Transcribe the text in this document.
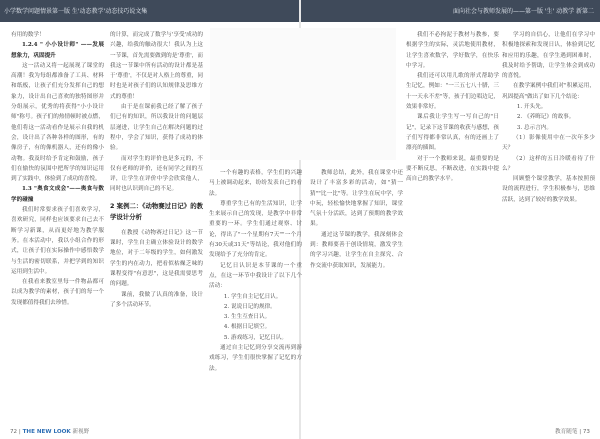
小学数学问题情景第一版 生'动态教学'动态技巧说文集	面向社会与教师发展的——第一版 '生' 动教学 新第二

有用的数学！

1.2.4 " 小小设计师" ——发展想象力，巩固提升

这一活动又将一起展现了课堂的高潮！我为每组都准备了工具、材料和纸板，让孩子们充分发挥自己的想象力，设计出自己喜欢的独特图形并分组展示，优秀的将获得"小小设计师"称号。孩子们的热情顿时被点燃，他们将这一活动看作是展示自我的机会，设计出了各种各样的图形，有的像房子，有的像机器人，还有的像小动物。我及时给予肯定和鼓励，孩子们在愉快的氛围中把所学的知识运用到了实践中，体验到了成功的喜悦。

1.3 "奥食文成会"——奥食与数学的碰撞

我们时常要求孩子们喜欢学习，喜欢研究，同样也应该要求自己去不断学习新课，从而更好地为教学服务。在本活动中，我以小组合作的形式，让孩子们在实际操作中感悟数学与生活的密切联系，并把学到的知识运用到生活中。

在我看来教室里每一件物品都可以成为教学的素材，孩子们的每一个发现都值得我们去珍惜。

的计算，而完成了数学与'享受'成功的兴趣，给我的触动很大！我认为上这一节课，首先需要做到的是'尊重'，而我这一节课中所有活动的设计都是基于'尊重'，不仅是对人格上的尊重，同时也是对孩子们的认知规律及思维方式的尊重！

由于是在课前我已经了解了孩子们已有的知识，所以我设计的问题层层递进，让学生自己在解决问题的过程中，学会了知识，获得了成功的体验。

而对学生的评价也是多元的，不仅有老师的评价，还有同学之间的互评，让学生在评价中学会欣赏他人，同时也认识到自己的不足。

2 案例二：《动物赛过日记》的教学设计分析

在教授《动物赛过日记》这一节课时，学生自主确立体验设计的数学地位，对于二年级的学生，如何激发学生的内在动力，把看似枯燥乏味的课程变得"有意思"，这是我需要思考的问题。

课前，我做了认真的准备，设计了多个活动环节。

一个有趣的表格，学生们的兴趣马上被调动起来，纷纷发表自己的看法。

尊重学生已有的生活知识，让学生来展示自己的发现，是教学中非常重要的一环。学生们通过观察、讨论，得出了"一个星期有7天""一个月有30天或31天"等结论，我对他们的发现给予了充分的肯定。

记忆日认识是本节课的一个重点，在这一环节中我设计了以下几个活动：

1. 学生自主记忆日认。
2. 说说日记的规律。
3. 生生互查日认。
4. 根据日记填空。
5. 游戏练习，记忆日认。

通过自主记忆到分享交流再到游戏练习，学生们很快掌握了记忆的方法。

教师总结，此外，我在课堂中还设计了丰富多彩的活动，如"猜一猜""比一比"等。让学生在玩中学，学中玩，轻松愉快地掌握了知识，课堂气氛十分活跃，达到了预期的教学效果。

通过这节课的教学，我深刻体会到：教师要善于创设情境，激发学生的学习兴趣，让学生在自主探究、合作交流中获取知识，发展能力。

我们不必拘泥于教材与教参，要根据学生的实际，灵活地使用教材，让学生喜欢数学，学好数学，在快乐中学习。

我们还可以用儿歌的形式帮助学生记忆，例如："一三五七八十腊，三十一天永不差"等，孩子们边唱边记，效果非常好。

课后我让学生写一写自己的"日记"，记录下这节课的收获与感想，孩子们写得都非常认真，有的还画上了漂亮的插图。

对于一个教师来说，最重要的是要不断反思，不断改进，在实践中提高自己的教学水平。

学习的自信心，让他们在学习中积极地探索和发现日认，体验到记忆和应用的乐趣，在学生遇到困难时，我及时给予帮助，让学生体会到成功的喜悦。

在教学案例中我们对"积累运用，巩固提高"做出了如下几个结论：

1. 开头先。
2. 《养晦记》的故事。
3. 总示言内。

（1）影像使用中在一次年多少天？

（2）这样的五日冷暖看待了什么？

回顾整个课堂教学，基本按照预设的流程进行，学生积极参与，思维活跃，达到了较好的教学效果。

72 | THE NEW LOOK 新视野	教育随笔 | 73
